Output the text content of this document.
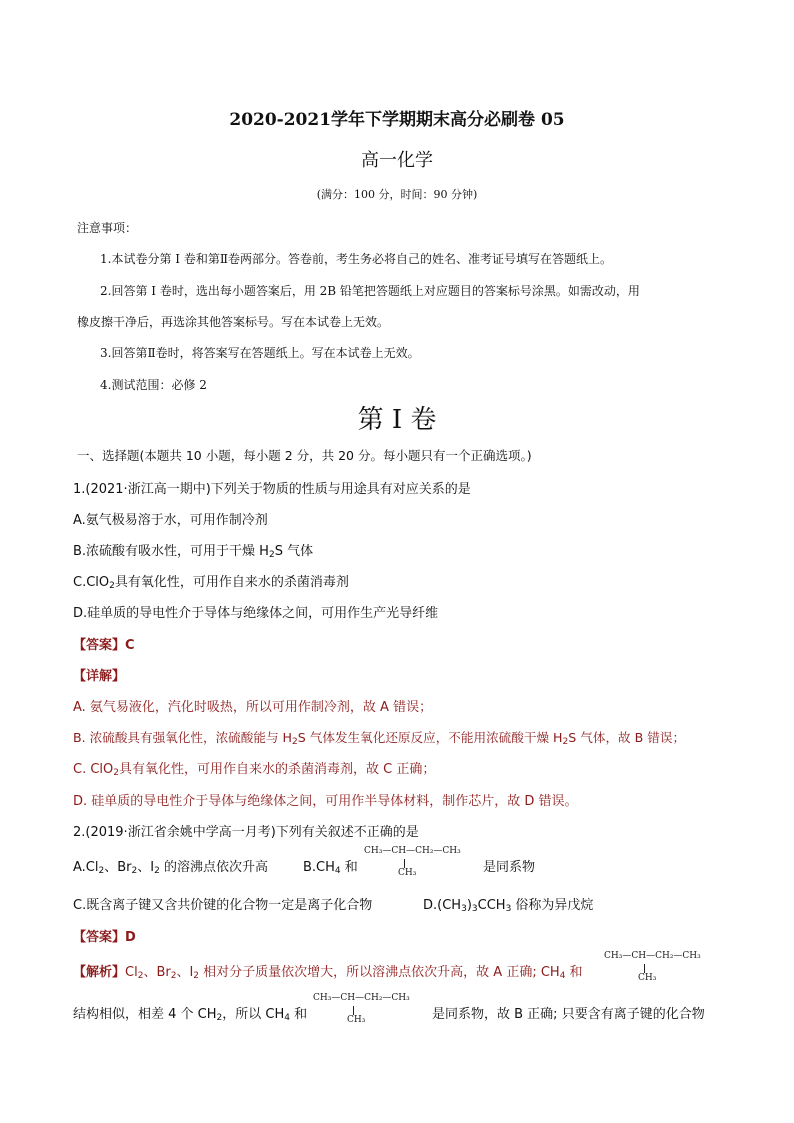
2020-2021学年下学期期末高分必刷卷 05
高一化学
(满分：100 分，时间：90 分钟)
注意事项：
1.本试卷分第 I 卷和第Ⅱ卷两部分。答卷前，考生务必将自己的姓名、准考证号填写在答题纸上。
2.回答第 I 卷时，选出每小题答案后，用 2B 铅笔把答题纸上对应题目的答案标号涂黑。如需改动，用
橡皮擦干净后，再选涂其他答案标号。写在本试卷上无效。
3.回答第Ⅱ卷时，将答案写在答题纸上。写在本试卷上无效。
4.测试范围：必修 2
第 I 卷
一、选择题(本题共 10 小题，每小题 2 分，共 20 分。每小题只有一个正确选项。)
1.(2021·浙江高一期中)下列关于物质的性质与用途具有对应关系的是
A.氨气极易溶于水，可用作制冷剂
B.浓硫酸有吸水性，可用于干燥 $H_2S$ 气体
C.ClO$_2$具有氧化性，可用作自来水的杀菌消毒剂
D.硅单质的导电性介于导体与绝缘体之间，可用作生产光导纤维
【答案】C
【详解】
A. 氨气易液化，汽化时吸热，所以可用作制冷剂，故 A 错误；
B. 浓硫酸具有强氧化性，浓硫酸能与 $H_2S$ 气体发生氧化还原反应，不能用浓硫酸干燥 $H_2S$ 气体，故 B 错误；
C. ClO$_2$具有氧化性，可用作自来水的杀菌消毒剂，故 C 正确；
D. 硅单质的导电性介于导体与绝缘体之间，可用作半导体材料，制作芯片，故 D 错误。
2.(2019·浙江省余姚中学高一月考)下列有关叙述不正确的是
$A.Cl_2$、$Br_2$、$I_2$ 的溶沸点依次升高	$B.CH_4$ 和
CH₃—CH—CH₂—CH₃
CH₃	是同系物
C.既含离子键又含共价键的化合物一定是离子化合物	$D.(CH_3)_3CCH_3$ 俗称为异戊烷
【答案】D
【解析】$Cl_2$、$Br_2$、$I_2$ 相对分子质量依次增大，所以溶沸点依次升高，故 A 正确; $CH_4$ 和
CH₃—CH—CH₂—CH₃
CH₃
结构相似，相差 4 个 $CH_2$，所以 $CH_4$ 和
CH₃—CH—CH₂—CH₃
CH₃	是同系物，故 B 正确; 只要含有离子键的化合物
